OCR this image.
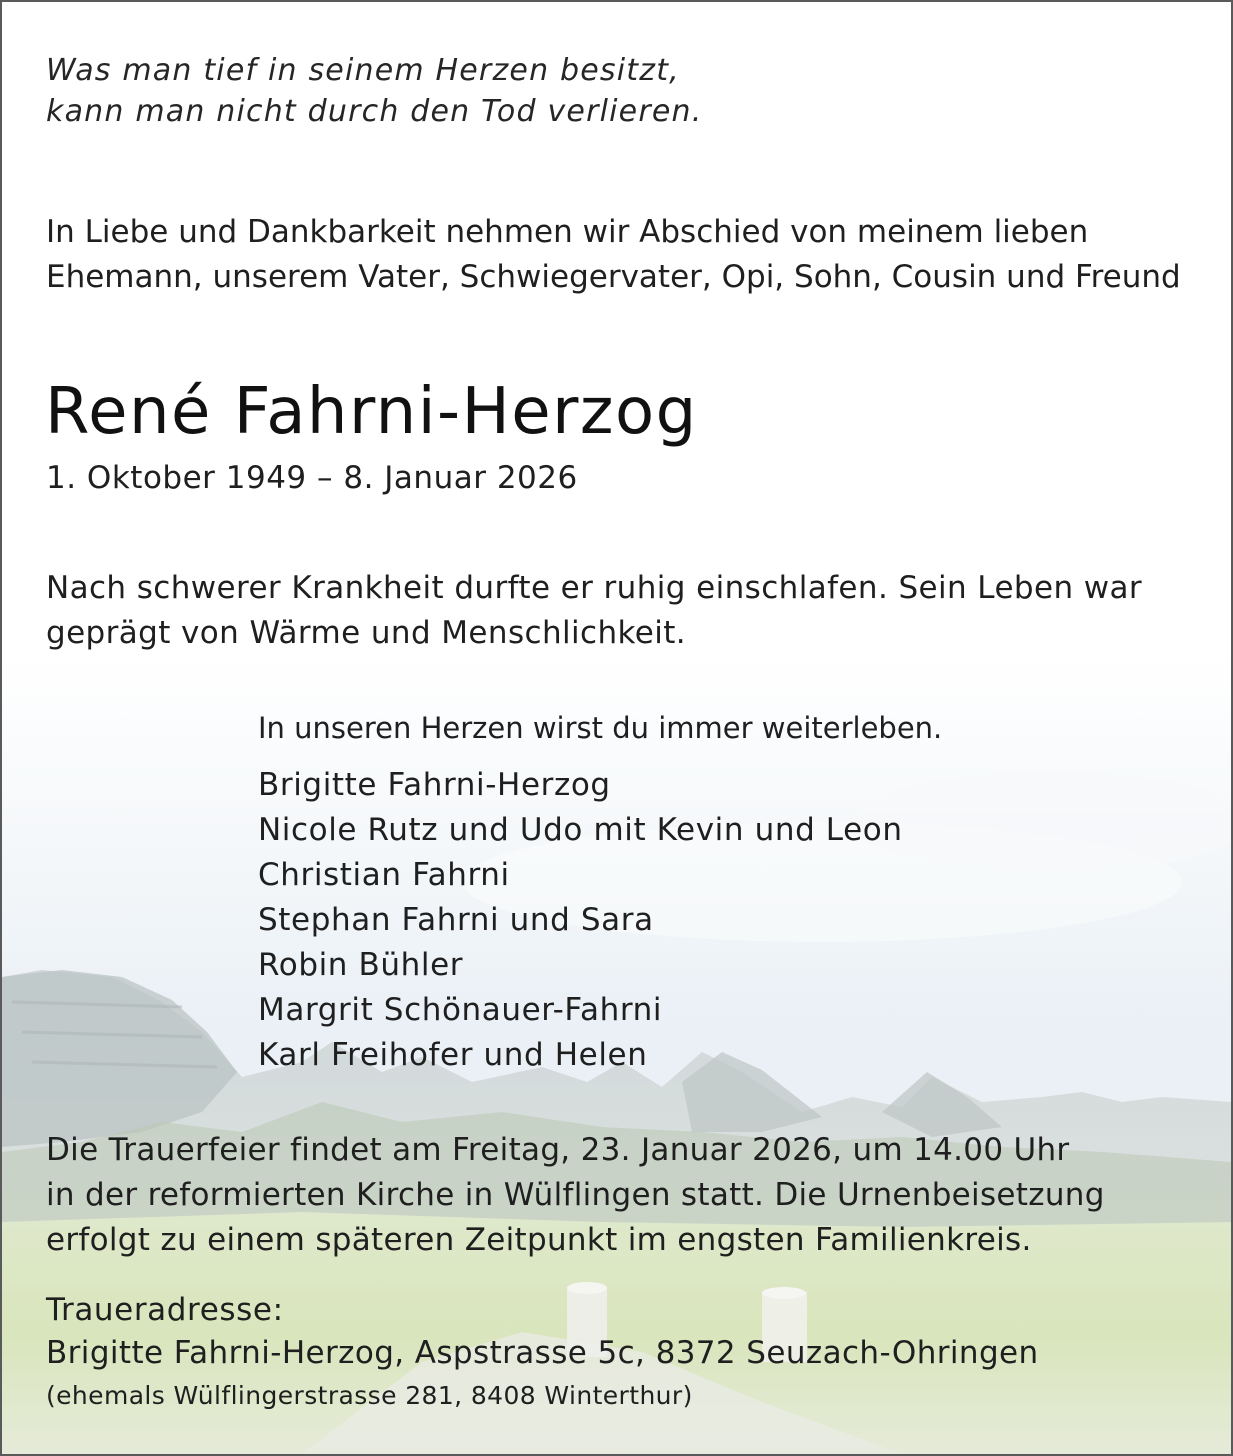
Was man tief in seinem Herzen besitzt,
kann man nicht durch den Tod verlieren.

In Liebe und Dankbarkeit nehmen wir Abschied von meinem lieben
Ehemann, unserem Vater, Schwiegervater, Opi, Sohn, Cousin und Freund

René Fahrni-Herzog

1. Oktober 1949 – 8. Januar 2026

Nach schwerer Krankheit durfte er ruhig einschlafen. Sein Leben war
geprägt von Wärme und Menschlichkeit.

In unseren Herzen wirst du immer weiterleben.

Brigitte Fahrni-Herzog
Nicole Rutz und Udo mit Kevin und Leon
Christian Fahrni
Stephan Fahrni und Sara
Robin Bühler
Margrit Schönauer-Fahrni
Karl Freihofer und Helen

Die Trauerfeier findet am Freitag, 23. Januar 2026, um 14.00 Uhr
in der reformierten Kirche in Wülflingen statt. Die Urnenbeisetzung
erfolgt zu einem späteren Zeitpunkt im engsten Familienkreis.

Traueradresse:

Brigitte Fahrni-Herzog, Aspstrasse 5c, 8372 Seuzach-Ohringen

(ehemals Wülflingerstrasse 281, 8408 Winterthur)
